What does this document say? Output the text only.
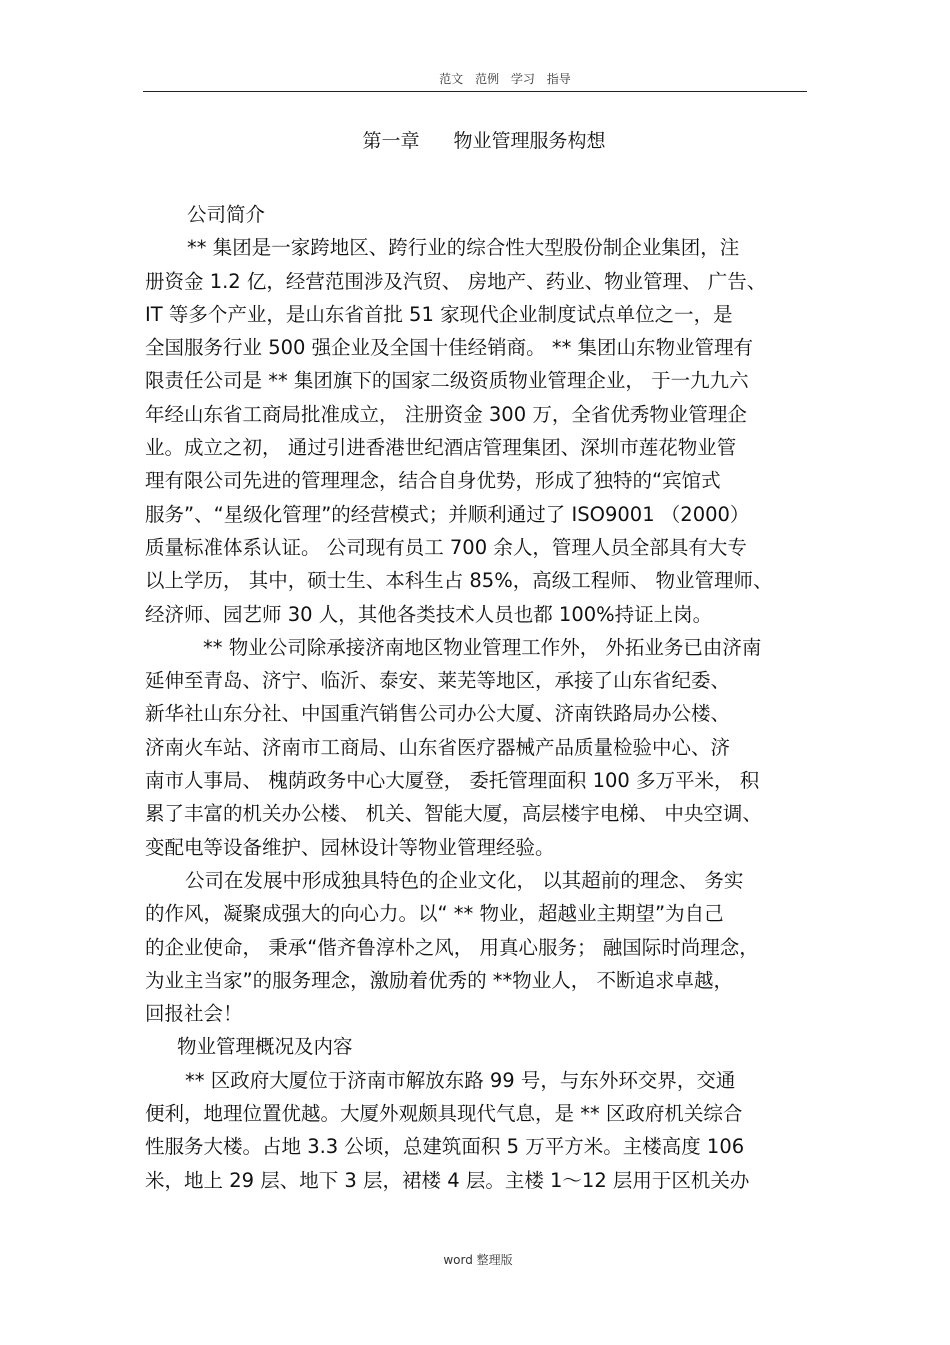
范文 范例 学习 指导
第一章 物业管理服务构想
公司简介
** 集团是一家跨地区、跨行业的综合性大型股份制企业集团，注
册资金 1.2 亿，经营范围涉及汽贸、 房地产、药业、物业管理、 广告、
IT 等多个产业，是山东省首批 51 家现代企业制度试点单位之一，是
全国服务行业 500 强企业及全国十佳经销商。 ** 集团山东物业管理有
限责任公司是 ** 集团旗下的国家二级资质物业管理企业， 于一九九六
年经山东省工商局批准成立， 注册资金 300 万，全省优秀物业管理企
业。成立之初， 通过引进香港世纪酒店管理集团、深圳市莲花物业管
理有限公司先进的管理理念，结合自身优势，形成了独特的“宾馆式
服务”、“星级化管理”的经营模式；并顺利通过了 ISO9001 （2000）
质量标准体系认证。 公司现有员工 700 余人，管理人员全部具有大专
以上学历， 其中，硕士生、本科生占 85%，高级工程师、 物业管理师、
经济师、园艺师 30 人，其他各类技术人员也都 100%持证上岗。
** 物业公司除承接济南地区物业管理工作外， 外拓业务已由济南
延伸至青岛、济宁、临沂、泰安、莱芜等地区，承接了山东省纪委、
新华社山东分社、中国重汽销售公司办公大厦、济南铁路局办公楼、
济南火车站、济南市工商局、山东省医疗器械产品质量检验中心、济
南市人事局、 槐荫政务中心大厦登， 委托管理面积 100 多万平米， 积
累了丰富的机关办公楼、 机关、智能大厦，高层楼宇电梯、 中央空调、
变配电等设备维护、园林设计等物业管理经验。
公司在发展中形成独具特色的企业文化， 以其超前的理念、 务实
的作风，凝聚成强大的向心力。以“ ** 物业，超越业主期望”为自己
的企业使命， 秉承“偕齐鲁淳朴之风， 用真心服务； 融国际时尚理念，
为业主当家”的服务理念，激励着优秀的 **物业人， 不断追求卓越，
回报社会！
物业管理概况及内容
** 区政府大厦位于济南市解放东路 99 号，与东外环交界，交通
便利，地理位置优越。大厦外观颇具现代气息，是 ** 区政府机关综合
性服务大楼。占地 3.3 公顷，总建筑面积 5 万平方米。主楼高度 106
米，地上 29 层、地下 3 层，裙楼 4 层。主楼 1～12 层用于区机关办
word 整理版
